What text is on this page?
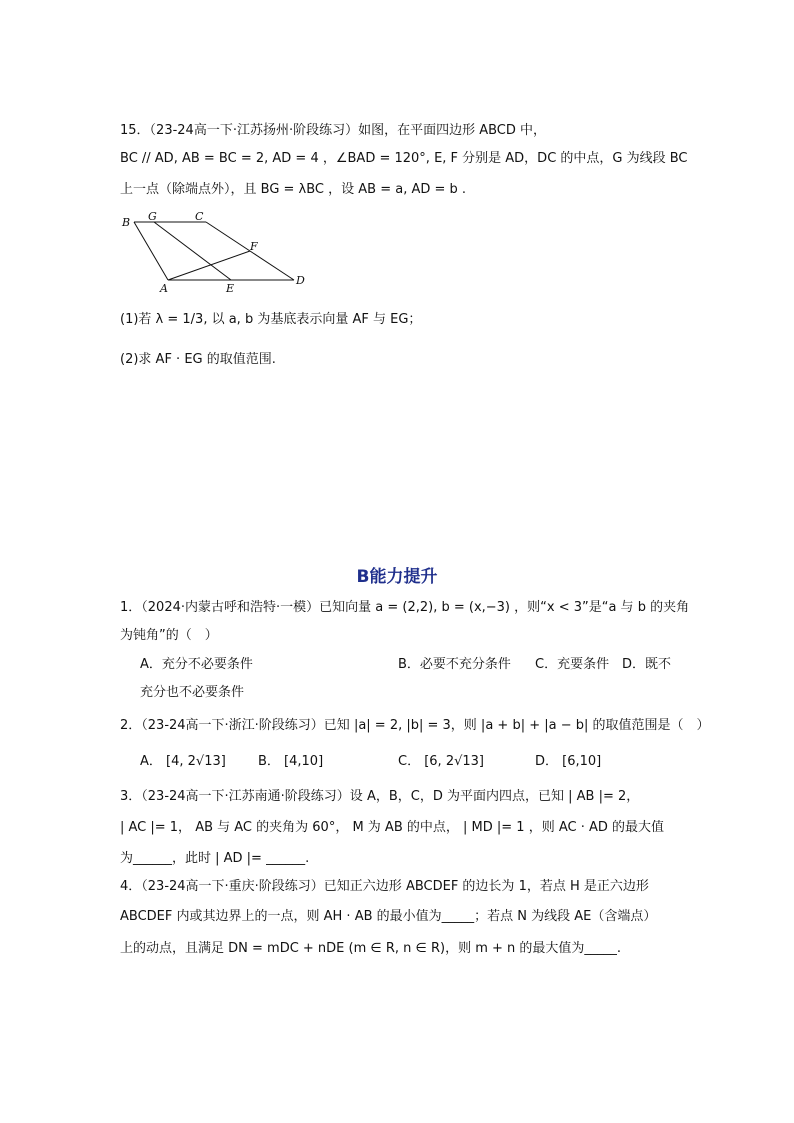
15．（23-24高一下·江苏扬州·阶段练习）如图，在平面四边形 ABCD 中，
BC // AD, AB = BC = 2, AD = 4 ，∠BAD = 120°, E, F 分别是 AD，DC 的中点，G 为线段 BC
上一点（除端点外），且 BG = λBC ，设 AB = a, AD = b .
B G	C
F
A	E
D
(1)若 λ = 1/3, 以 a, b 为基底表示向量 AF 与 EG；
(2)求 AF · EG 的取值范围.
B能力提升
1．（2024·内蒙古呼和浩特·一模）已知向量 a = (2,2), b = (x,−3) ，则“x < 3”是“a 与 b 的夹角
为钝角”的（　）
A．充分不必要条件	B．必要不充分条件 C．充要条件 D．既不
充分也不必要条件
2．（23-24高一下·浙江·阶段练习）已知 |a| = 2, |b| = 3，则 |a + b| + |a − b| 的取值范围是（　）
A． [4, 2√13] B． [4,10]	C． [6, 2√13]	D． [6,10]
3．（23-24高一下·江苏南通·阶段练习）设 A，B，C，D 为平面内四点，已知 | AB |= 2，
| AC |= 1， AB 与 AC 的夹角为 60°， M 为 AB 的中点， | MD |= 1 ，则 AC · AD 的最大值
为______，此时 | AD |= ______.
4．（23-24高一下·重庆·阶段练习）已知正六边形 ABCDEF 的边长为 1，若点 H 是正六边形
ABCDEF 内或其边界上的一点，则 AH · AB 的最小值为_____；若点 N 为线段 AE（含端点）
上的动点，且满足 DN = mDC + nDE (m ∈ R, n ∈ R)，则 m + n 的最大值为_____.
